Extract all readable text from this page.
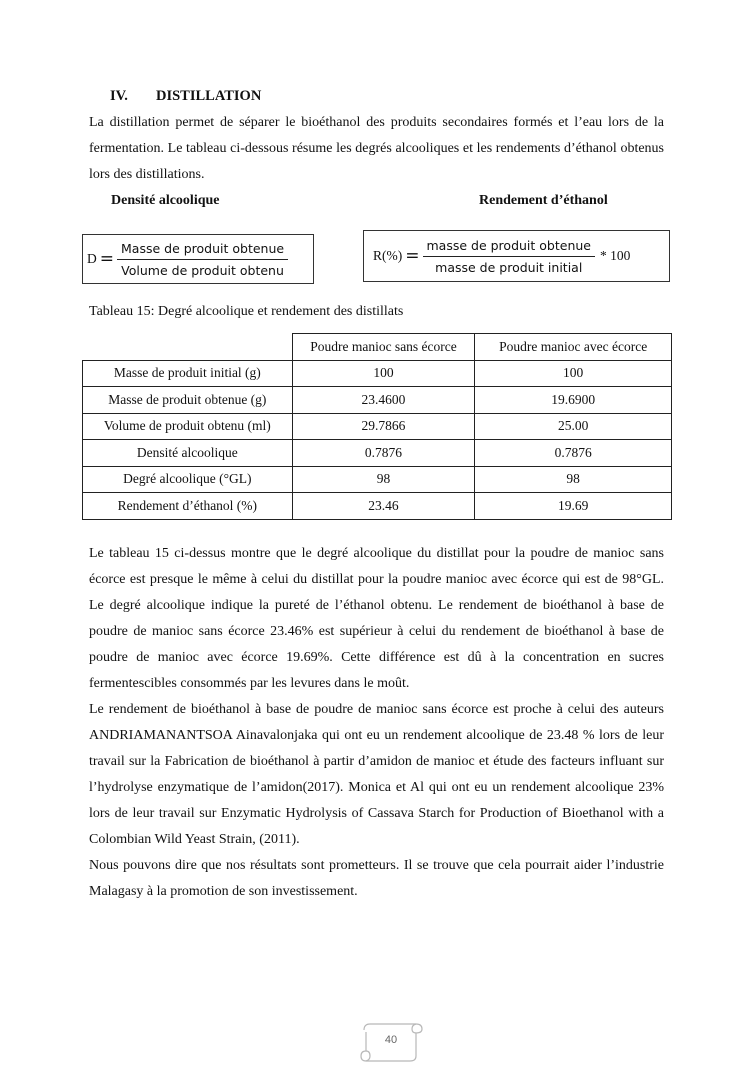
IV. DISTILLATION
La distillation permet de séparer le bioéthanol des produits secondaires formés et l’eau lors de la fermentation. Le tableau ci-dessous résume les degrés alcooliques et les rendements d’éthanol obtenus lors des distillations.
Densité alcoolique	Rendement d’éthanol
$D = \frac{\text{Masse de produit obtenue}}{\text{Volume de produit obtenu}}$	$R(\%) = \frac{\text{masse de produit obtenue}}{\text{masse de produit initial}} * 100$
Tableau 15: Degré alcoolique et rendement des distillats
	Poudre manioc sans écorce	Poudre manioc avec écorce
Masse de produit initial (g)	100	100
Masse de produit obtenue (g)	23.4600	19.6900
Volume de produit obtenu (ml)	29.7866	25.00
Densité alcoolique	0.7876	0.7876
Degré alcoolique (°GL)	98	98
Rendement d’éthanol (%)	23.46	19.69
Le tableau 15 ci-dessus montre que le degré alcoolique du distillat pour la poudre de manioc sans écorce est presque le même à celui du distillat pour la poudre manioc avec écorce qui est de 98°GL. Le degré alcoolique indique la pureté de l’éthanol obtenu. Le rendement de bioéthanol à base de poudre de manioc sans écorce 23.46% est supérieur à celui du rendement de bioéthanol à base de poudre de manioc avec écorce 19.69%. Cette différence est dû à la concentration en sucres fermentescibles consommés par les levures dans le moût.
Le rendement de bioéthanol à base de poudre de manioc sans écorce est proche à celui des auteurs ANDRIAMANANTSOA Ainavalonjaka qui ont eu un rendement alcoolique de 23.48 % lors de leur travail sur la Fabrication de bioéthanol à partir d’amidon de manioc et étude des facteurs influant sur l’hydrolyse enzymatique de l’amidon(2017). Monica et Al qui ont eu un rendement alcoolique 23% lors de leur travail sur Enzymatic Hydrolysis of Cassava Starch for Production of Bioethanol with a Colombian Wild Yeast Strain, (2011).
Nous pouvons dire que nos résultats sont prometteurs. Il se trouve que cela pourrait aider l’industrie Malagasy à la promotion de son investissement.
40
